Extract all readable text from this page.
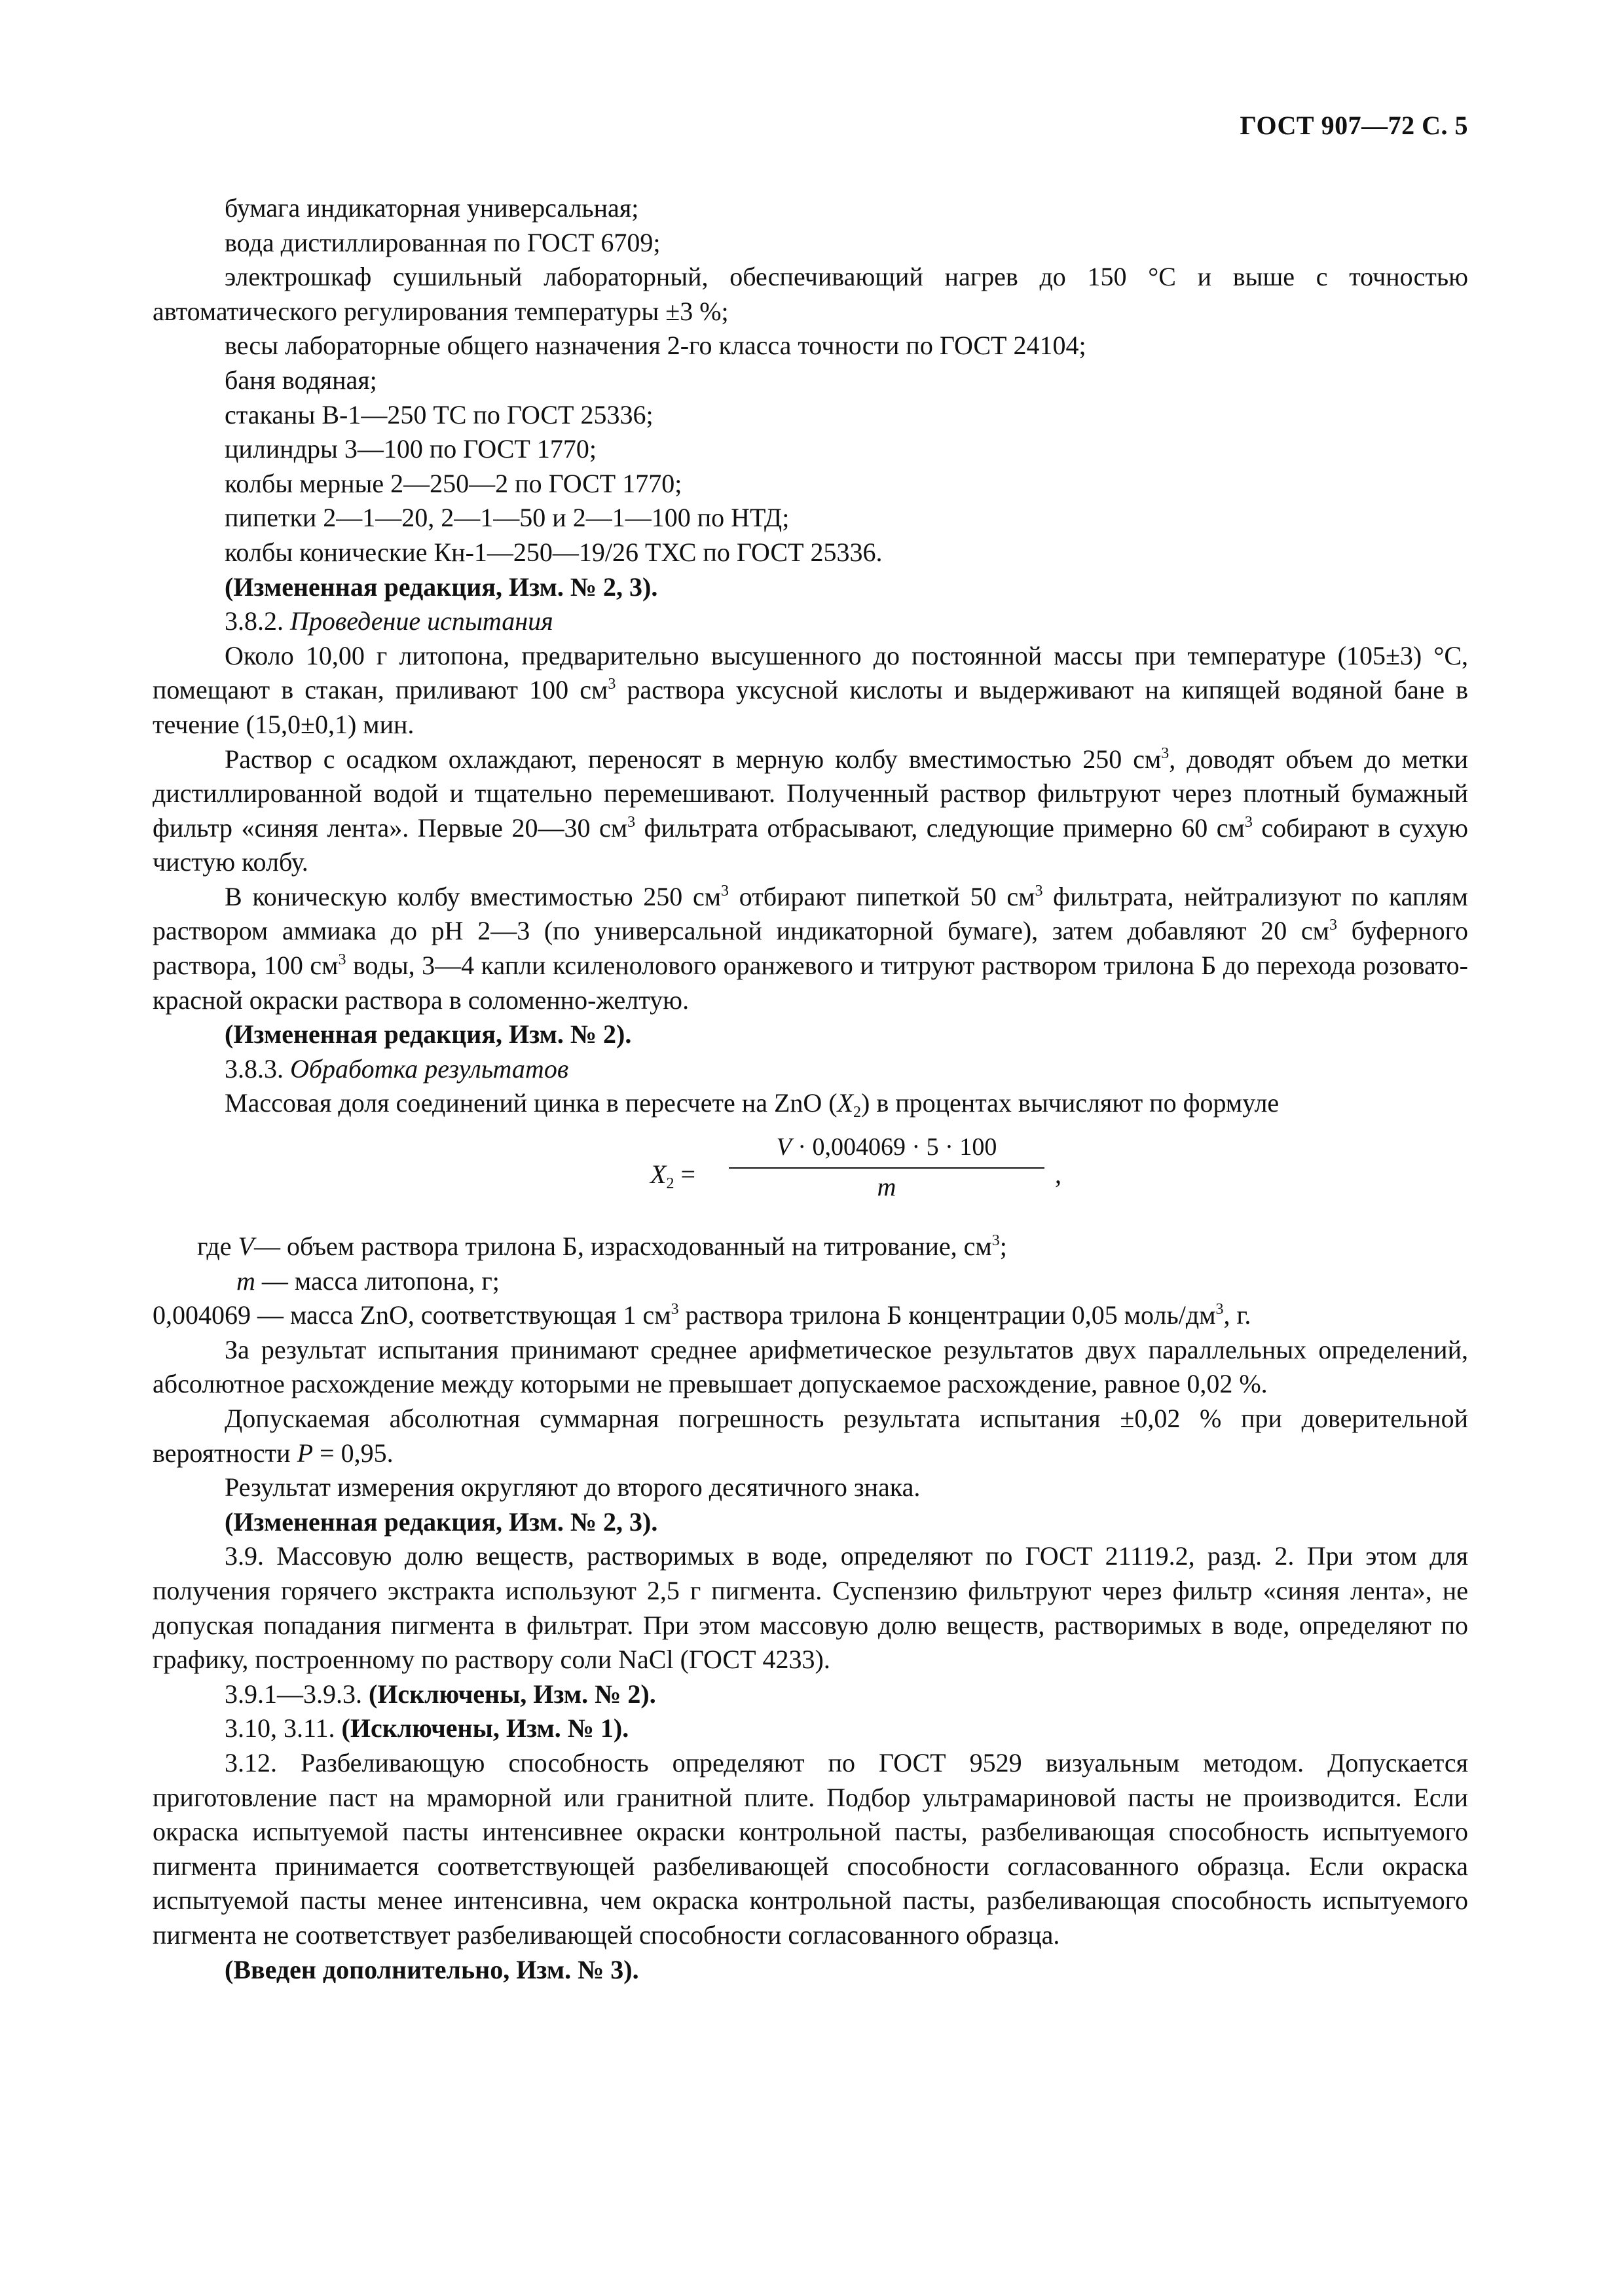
ГОСТ 907—72 С. 5

бумага индикаторная универсальная;

вода дистиллированная по ГОСТ 6709;

электрошкаф сушильный лабораторный, обеспечивающий нагрев до 150 °С и выше с точностью автоматического регулирования температуры ±3 %;

весы лабораторные общего назначения 2-го класса точности по ГОСТ 24104;

баня водяная;

стаканы В-1—250 ТС по ГОСТ 25336;

цилиндры 3—100 по ГОСТ 1770;

колбы мерные 2—250—2 по ГОСТ 1770;

пипетки 2—1—20, 2—1—50 и 2—1—100 по НТД;

колбы конические Кн-1—250—19/26 ТХС по ГОСТ 25336.

(Измененная редакция, Изм. № 2, 3).

3.8.2. Проведение испытания

Около 10,00 г литопона, предварительно высушенного до постоянной массы при температуре (105±3) °С, помещают в стакан, приливают 100 $см^3$ раствора уксусной кислоты и выдерживают на кипящей водяной бане в течение (15,0±0,1) мин.

Раствор с осадком охлаждают, переносят в мерную колбу вместимостью 250 $см^3$, доводят объем до метки дистиллированной водой и тщательно перемешивают. Полученный раствор фильтруют через плотный бумажный фильтр «синяя лента». Первые 20—30 $см^3$ фильтрата отбрасывают, следующие примерно 60 $см^3$ собирают в сухую чистую колбу.

В коническую колбу вместимостью 250 $см^3$ отбирают пипеткой 50 $см^3$ фильтрата, нейтрализуют по каплям раствором аммиака до pH 2—3 (по универсальной индикаторной бумаге), затем добавляют 20 $см^3$ буферного раствора, 100 $см^3$ воды, 3—4 капли ксиленолового оранжевого и титруют раствором трилона Б до перехода розовато-красной окраски раствора в соломенно-желтую.

(Измененная редакция, Изм. № 2).

3.8.3. Обработка результатов

Массовая доля соединений цинка в пересчете на ZnO $(X_2)$ в процентах вычисляют по формуле

$X_2 = \frac{V \cdot 0,004069 \cdot 5 \cdot 100}{m}$ ,

где V— объем раствора трилона Б, израсходованный на титрование, $см^3$;

m — масса литопона, г;

0,004069 — масса ZnO, соответствующая 1 $см^3$ раствора трилона Б концентрации 0,05 моль/$дм^3$, г.

За результат испытания принимают среднее арифметическое результатов двух параллельных определений, абсолютное расхождение между которыми не превышает допускаемое расхождение, равное 0,02 %.

Допускаемая абсолютная суммарная погрешность результата испытания ±0,02 % при доверительной вероятности P = 0,95.

Результат измерения округляют до второго десятичного знака.

(Измененная редакция, Изм. № 2, 3).

3.9. Массовую долю веществ, растворимых в воде, определяют по ГОСТ 21119.2, разд. 2. При этом для получения горячего экстракта используют 2,5 г пигмента. Суспензию фильтруют через фильтр «синяя лента», не допуская попадания пигмента в фильтрат. При этом массовую долю веществ, растворимых в воде, определяют по графику, построенному по раствору соли NaCl (ГОСТ 4233).

3.9.1—3.9.3. (Исключены, Изм. № 2).

3.10, 3.11. (Исключены, Изм. № 1).

3.12. Разбеливающую способность определяют по ГОСТ 9529 визуальным методом. Допускается приготовление паст на мраморной или гранитной плите. Подбор ультрамариновой пасты не производится. Если окраска испытуемой пасты интенсивнее окраски контрольной пасты, разбеливающая способность испытуемого пигмента принимается соответствующей разбеливающей способности согласованного образца. Если окраска испытуемой пасты менее интенсивна, чем окраска контрольной пасты, разбеливающая способность испытуемого пигмента не соответствует разбеливающей способности согласованного образца.

(Введен дополнительно, Изм. № 3).
